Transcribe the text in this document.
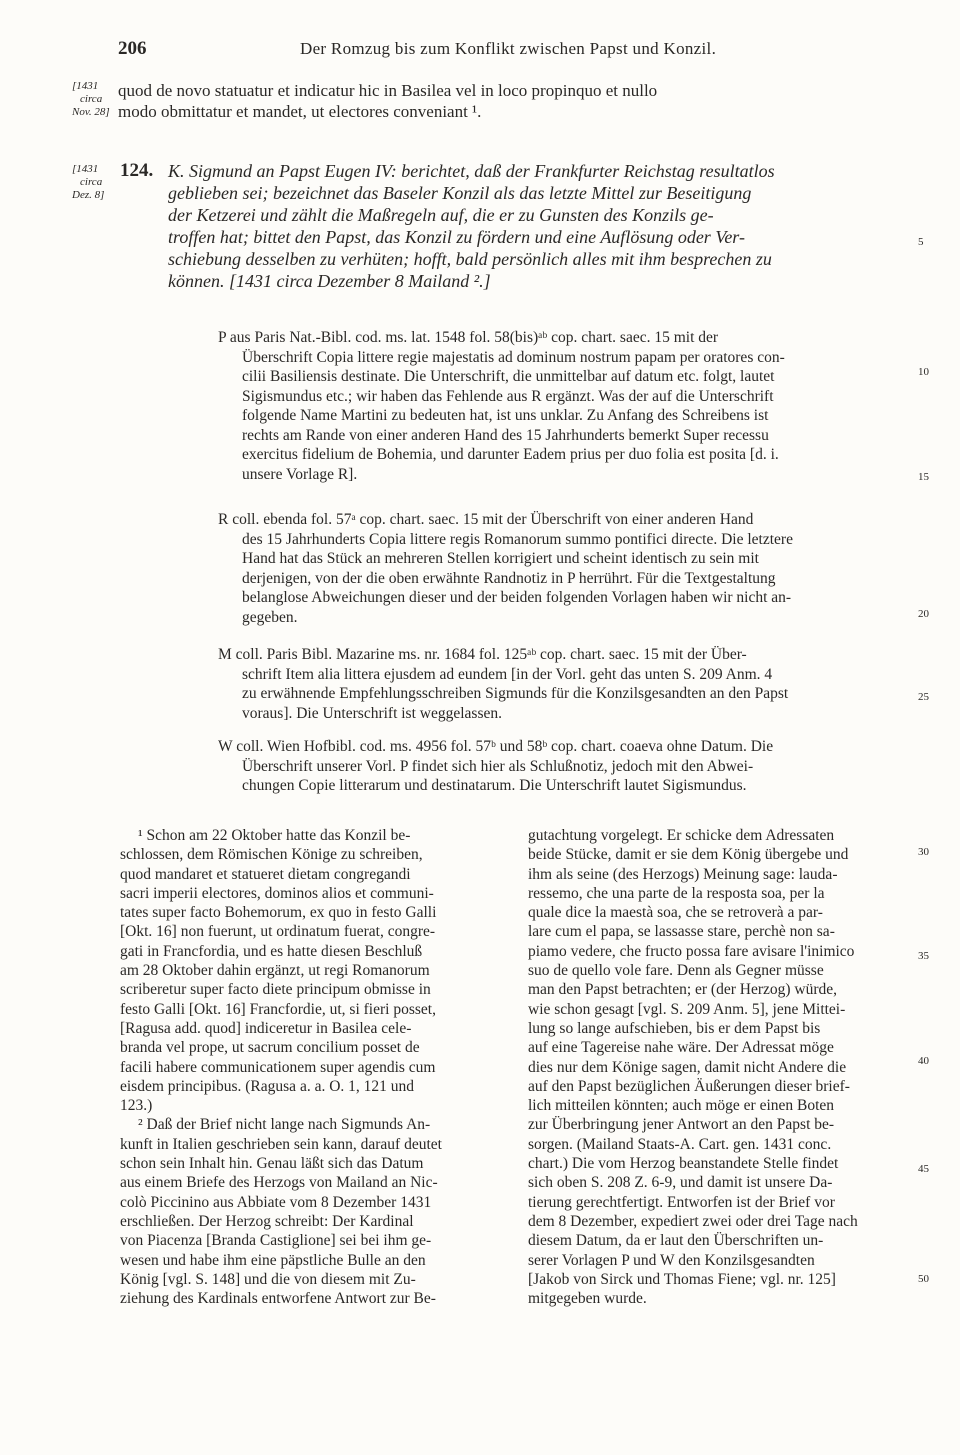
206	Der Romzug bis zum Konflikt zwischen Papst und Konzil.
[1431
circa
Nov. 28]
quod de novo statuatur et indicatur hic in Basilea vel in loco propinquo et nullo
modo obmittatur et mandet, ut electores conveniant ¹.
[1431
circa
Dez. 8]
124. K. Sigmund an Papst Eugen IV: berichtet, daß der Frankfurter Reichstag resultatlos
geblieben sei; bezeichnet das Baseler Konzil als das letzte Mittel zur Beseitigung
der Ketzerei und zählt die Maßregeln auf, die er zu Gunsten des Konzils ge-
troffen hat; bittet den Papst, das Konzil zu fördern und eine Auflösung oder Ver-
schiebung desselben zu verhüten; hofft, bald persönlich alles mit ihm besprechen zu
können. [1431 circa Dezember 8 Mailand ².]
P aus Paris Nat.-Bibl. cod. ms. lat. 1548 fol. 58(bis)ᵃᵇ cop. chart. saec. 15 mit der
Überschrift Copia littere regie majestatis ad dominum nostrum papam per oratores con-
cilii Basiliensis destinate. Die Unterschrift, die unmittelbar auf datum etc. folgt, lautet
Sigismundus etc.; wir haben das Fehlende aus R ergänzt. Was der auf die Unterschrift
folgende Name Martini zu bedeuten hat, ist uns unklar. Zu Anfang des Schreibens ist
rechts am Rande von einer anderen Hand des 15 Jahrhunderts bemerkt Super recessu
exercitus fidelium de Bohemia, und darunter Eadem prius per duo folia est posita [d. i.
unsere Vorlage R].
R coll. ebenda fol. 57ᵃ cop. chart. saec. 15 mit der Überschrift von einer anderen Hand
des 15 Jahrhunderts Copia littere regis Romanorum summo pontifici directe. Die letztere
Hand hat das Stück an mehreren Stellen korrigiert und scheint identisch zu sein mit
derjenigen, von der die oben erwähnte Randnotiz in P herrührt. Für die Textgestaltung
belanglose Abweichungen dieser und der beiden folgenden Vorlagen haben wir nicht an-
gegeben.
M coll. Paris Bibl. Mazarine ms. nr. 1684 fol. 125ᵃᵇ cop. chart. saec. 15 mit der Über-
schrift Item alia littera ejusdem ad eundem [in der Vorl. geht das unten S. 209 Anm. 4
zu erwähnende Empfehlungsschreiben Sigmunds für die Konzilsgesandten an den Papst
voraus]. Die Unterschrift ist weggelassen.
W coll. Wien Hofbibl. cod. ms. 4956 fol. 57ᵇ und 58ᵇ cop. chart. coaeva ohne Datum. Die
Überschrift unserer Vorl. P findet sich hier als Schlußnotiz, jedoch mit den Abwei-
chungen Copie litterarum und destinatarum. Die Unterschrift lautet Sigismundus.
5
10
15
20
25
30
35
40
45
50
¹ Schon am 22 Oktober hatte das Konzil be-
schlossen, dem Römischen Könige zu schreiben,
quod mandaret et statueret dietam congregandi
sacri imperii electores, dominos alios et communi-
tates super facto Bohemorum, ex quo in festo Galli
[Okt. 16] non fuerunt, ut ordinatum fuerat, congre-
gati in Francfordia, und es hatte diesen Beschluß
am 28 Oktober dahin ergänzt, ut regi Romanorum
scriberetur super facto diete principum obmisse in
festo Galli [Okt. 16] Francfordie, ut, si fieri posset,
[Ragusa add. quod] indiceretur in Basilea cele-
branda vel prope, ut sacrum concilium posset de
facili habere communicationem super agendis cum
eisdem principibus. (Ragusa a. a. O. 1, 121 und
123.)
² Daß der Brief nicht lange nach Sigmunds An-
kunft in Italien geschrieben sein kann, darauf deutet
schon sein Inhalt hin. Genau läßt sich das Datum
aus einem Briefe des Herzogs von Mailand an Nic-
colò Piccinino aus Abbiate vom 8 Dezember 1431
erschließen. Der Herzog schreibt: Der Kardinal
von Piacenza [Branda Castiglione] sei bei ihm ge-
wesen und habe ihm eine päpstliche Bulle an den
König [vgl. S. 148] und die von diesem mit Zu-
ziehung des Kardinals entworfene Antwort zur Be-
gutachtung vorgelegt. Er schicke dem Adressaten
beide Stücke, damit er sie dem König übergebe und
ihm als seine (des Herzogs) Meinung sage: lauda-
ressemo, che una parte de la resposta soa, per la
quale dice la maestà soa, che se retroverà a par-
lare cum el papa, se lassasse stare, perchè non sa-
piamo vedere, che fructo possa fare avisare l'inimico
suo de quello vole fare. Denn als Gegner müsse
man den Papst betrachten; er (der Herzog) würde,
wie schon gesagt [vgl. S. 209 Anm. 5], jene Mittei-
lung so lange aufschieben, bis er dem Papst bis
auf eine Tagereise nahe wäre. Der Adressat möge
dies nur dem Könige sagen, damit nicht Andere die
auf den Papst bezüglichen Äußerungen dieser brief-
lich mitteilen könnten; auch möge er einen Boten
zur Überbringung jener Antwort an den Papst be-
sorgen. (Mailand Staats-A. Cart. gen. 1431 conc.
chart.) Die vom Herzog beanstandete Stelle findet
sich oben S. 208 Z. 6-9, und damit ist unsere Da-
tierung gerechtfertigt. Entworfen ist der Brief vor
dem 8 Dezember, expediert zwei oder drei Tage nach
diesem Datum, da er laut den Überschriften un-
serer Vorlagen P und W den Konzilsgesandten
[Jakob von Sirck und Thomas Fiene; vgl. nr. 125]
mitgegeben wurde.
